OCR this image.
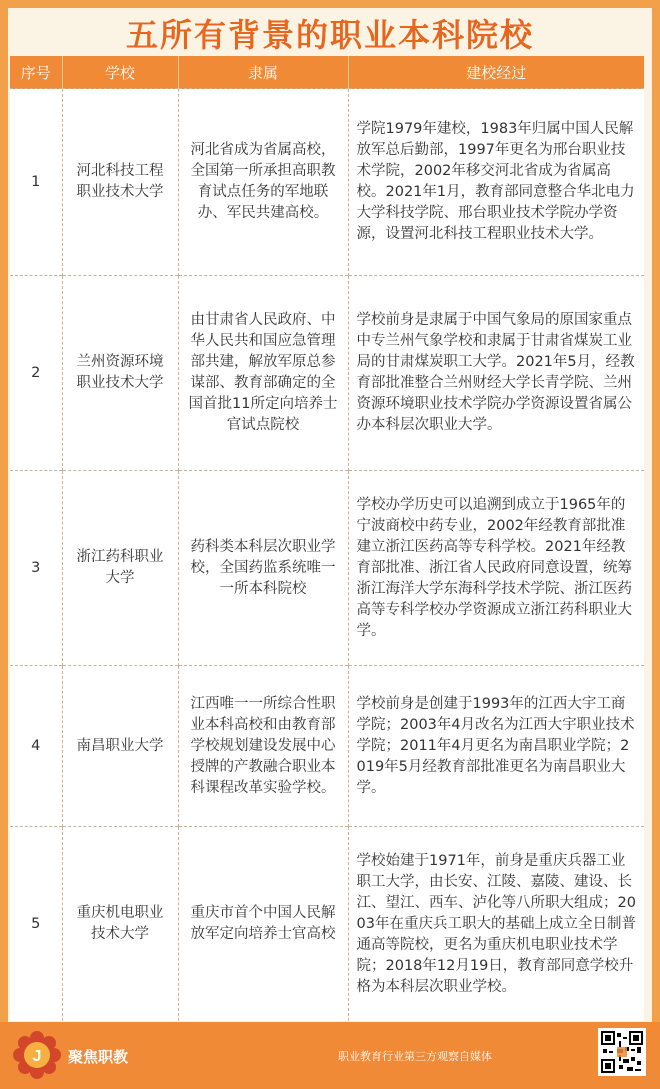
五所有背景的职业本科院校
序号	学校	隶属	建校经过
1	河北科技工程职业技术大学	河北省成为省属高校，全国第一所承担高职教育试点任务的军地联办、军民共建高校。	学院1979年建校，1983年归属中国人民解放军总后勤部，1997年更名为邢台职业技术学院，2002年移交河北省成为省属高校。2021年1月，教育部同意整合华北电力大学科技学院、邢台职业技术学院办学资源，设置河北科技工程职业技术大学。
2	兰州资源环境职业技术大学	由甘肃省人民政府、中华人民共和国应急管理部共建，解放军原总参谋部、教育部确定的全国首批11所定向培养士官试点院校	学校前身是隶属于中国气象局的原国家重点中专兰州气象学校和隶属于甘肃省煤炭工业局的甘肃煤炭职工大学。2021年5月，经教育部批准整合兰州财经大学长青学院、兰州资源环境职业技术学院办学资源设置省属公办本科层次职业大学。
3	浙江药科职业大学	药科类本科层次职业学校，全国药监系统唯一一所本科院校	学校办学历史可以追溯到成立于1965年的宁波商校中药专业，2002年经教育部批准建立浙江医药高等专科学校。2021年经教育部批准、浙江省人民政府同意设置，统筹浙江海洋大学东海科学技术学院、浙江医药高等专科学校办学资源成立浙江药科职业大学。
4	南昌职业大学	江西唯一一所综合性职业本科高校和由教育部学校规划建设发展中心授牌的产教融合职业本科课程改革实验学校。	学校前身是创建于1993年的江西大宇工商学院；2003年4月改名为江西大宇职业技术学院；2011年4月更名为南昌职业学院；2019年5月经教育部批准更名为南昌职业大学。
5	重庆机电职业技术大学	重庆市首个中国人民解放军定向培养士官高校	学校始建于1971年，前身是重庆兵器工业职工大学，由长安、江陵、嘉陵、建设、长江、望江、西车、泸化等八所职大组成；2003年在重庆兵工职大的基础上成立全日制普通高等院校，更名为重庆机电职业技术学院；2018年12月19日，教育部同意学校升格为本科层次职业学校。
J 聚焦职教	职业教育行业第三方观察自媒体
